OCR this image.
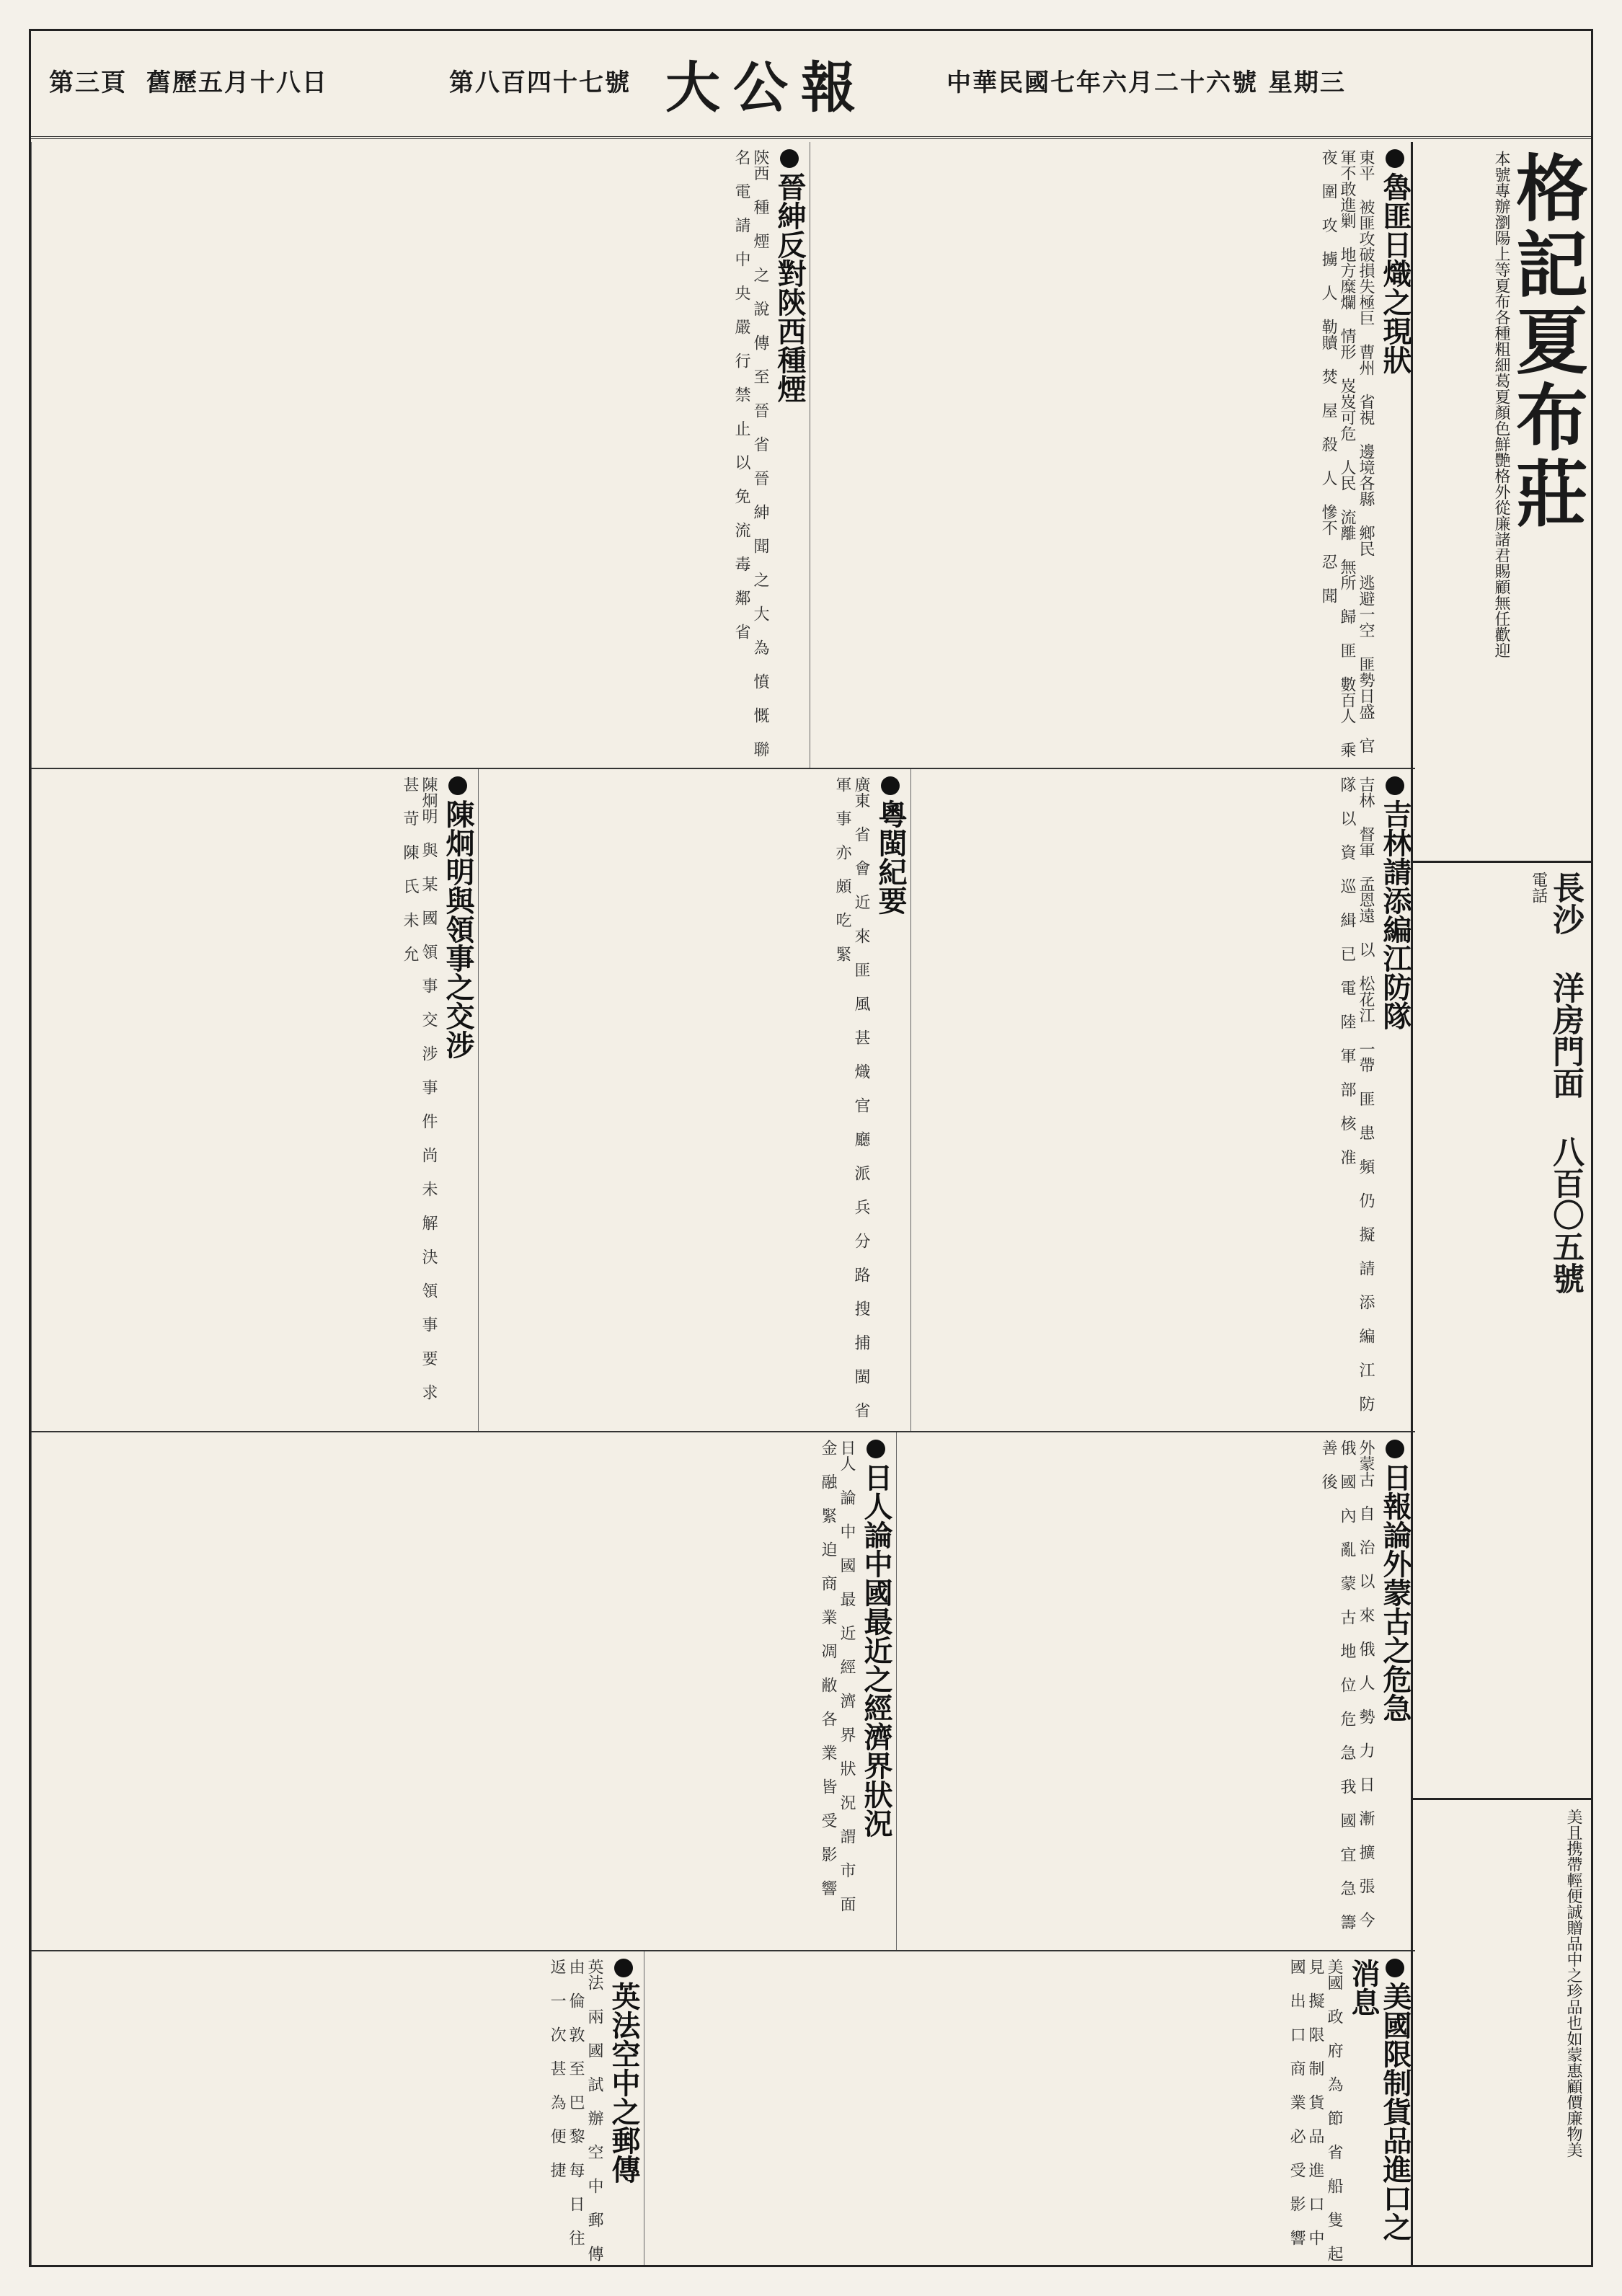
中華民國七年六月二十六號 星期三
大公報
第八百四十七號
舊歷五月十八日
第三頁
魯匪日熾之現狀
東平 被匪攻破損失極巨 曹州 省視 邊境各縣 鄉民 逃避一空 匪勢日盛 官軍不敢進剿 地方糜爛 情形 岌岌可危 人民 流離 無所 歸 匪 數百人 乘夜 圍 攻 擄 人 勒贖 焚 屋 殺 人 慘不 忍 聞
晉紳反對陝西種煙
陝西 種 煙 之 說 傳 至 晉 省 晉 紳 聞 之 大 為 憤 慨 聯 名 電 請 中 央 嚴 行 禁 止 以 免 流 毒 鄰 省
吉林請添編江防隊
吉林 督軍 孟恩遠 以 松花江 一帶 匪 患 頻 仍 擬 請 添 編 江 防 隊 以 資 巡 緝 已 電 陸 軍 部 核 准
粵閩紀要
廣東 省 會 近 來 匪 風 甚 熾 官 廳 派 兵 分 路 搜 捕 閩 省 軍 事 亦 頗 吃 緊
陳炯明與領事之交涉
陳炯明 與 某 國 領 事 交 涉 事 件 尚 未 解 決 領 事 要 求 甚 苛 陳 氏 未 允
日報論外蒙古之危急
外蒙古 自 治 以 來 俄 人 勢 力 日 漸 擴 張 今 俄 國 內 亂 蒙 古 地 位 危 急 我 國 宜 急 籌 善 後
日人論中國最近之經濟界狀況
日人 論 中 國 最 近 經 濟 界 狀 況 謂 市 面 金 融 緊 迫 商 業 凋 敝 各 業 皆 受 影 響
美國限制貨品進口之消息
美國 政 府 為 節 省 船 隻 起 見 擬 限 制 貨 品 進 口 中 國 出 口 商 業 必 受 影 響
英法空中之郵傳
英法 兩 國 試 辦 空 中 郵 傳 由 倫 敦 至 巴 黎 每 日 往 返 一 次 甚 為 便 捷
格記夏布莊
本號專辦瀏陽上等夏布各種粗細葛夏顏色鮮艷格外從廉諸君賜顧無任歡迎
長沙 洋房門面 八百〇五號
電話
美且携帶輕便誠贈品中之珍品也如蒙惠顧價廉物美
